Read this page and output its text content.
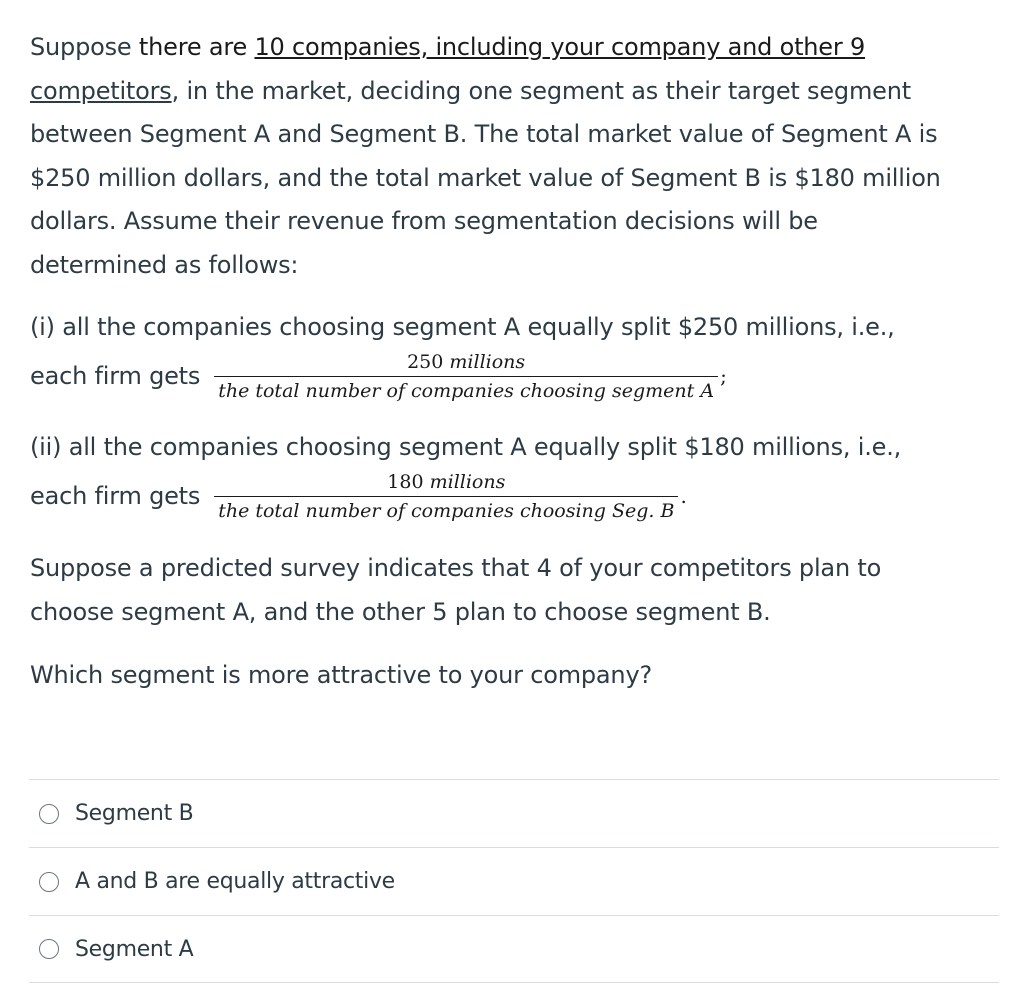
Suppose there are 10 companies, including your company and other 9
competitors, in the market, deciding one segment as their target segment
between Segment A and Segment B. The total market value of Segment A is
$250 million dollars, and the total market value of Segment B is $180 million
dollars. Assume their revenue from segmentation decisions will be
determined as follows:

(i) all the companies choosing segment A equally split $250 millions, i.e.,
each firm gets $\frac{\text{250 millions}}{\text{the total number of companies choosing segment A}}$ ;
(ii) all the companies choosing segment A equally split $180 millions, i.e.,
each firm gets $\frac{\text{180 millions}}{\text{the total number of companies choosing Seg. B}}$ .

Suppose a predicted survey indicates that 4 of your competitors plan to
choose segment A, and the other 5 plan to choose segment B.

Which segment is more attractive to your company?

Segment B
A and B are equally attractive
Segment A
